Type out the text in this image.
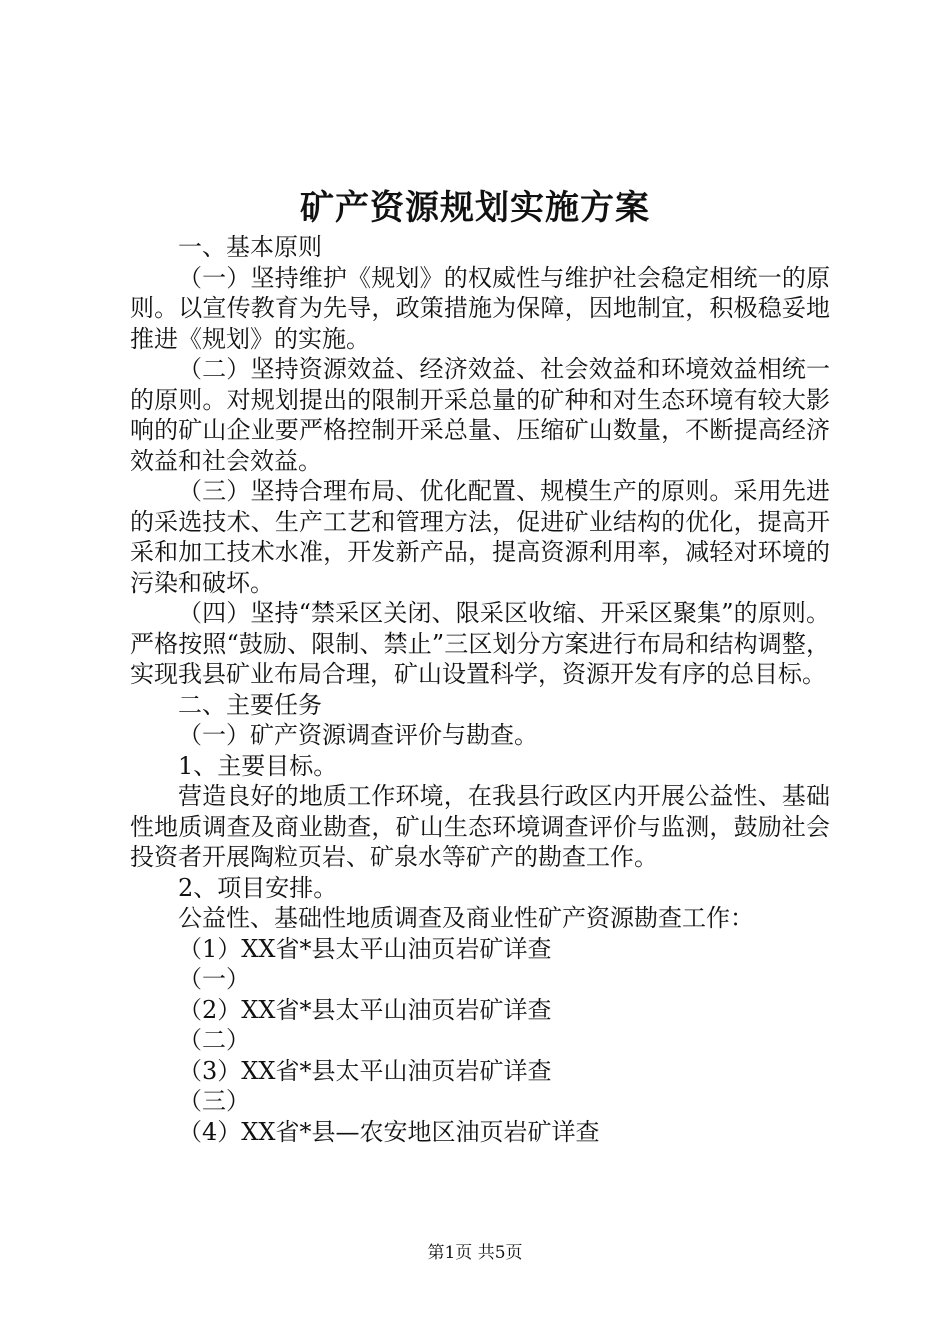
矿产资源规划实施方案

一、基本原则

（一）坚持维护《规划》的权威性与维护社会稳定相统一的原则。以宣传教育为先导，政策措施为保障，因地制宜，积极稳妥地推进《规划》的实施。

（二）坚持资源效益、经济效益、社会效益和环境效益相统一的原则。对规划提出的限制开采总量的矿种和对生态环境有较大影响的矿山企业要严格控制开采总量、压缩矿山数量，不断提高经济效益和社会效益。

（三）坚持合理布局、优化配置、规模生产的原则。采用先进的采选技术、生产工艺和管理方法，促进矿业结构的优化，提高开采和加工技术水准，开发新产品，提高资源利用率，减轻对环境的污染和破坏。

（四）坚持“禁采区关闭、限采区收缩、开采区聚集”的原则。严格按照“鼓励、限制、禁止”三区划分方案进行布局和结构调整，实现我县矿业布局合理，矿山设置科学，资源开发有序的总目标。

二、主要任务

（一）矿产资源调查评价与勘查。

1、主要目标。

营造良好的地质工作环境，在我县行政区内开展公益性、基础性地质调查及商业勘查，矿山生态环境调查评价与监测，鼓励社会投资者开展陶粒页岩、矿泉水等矿产的勘查工作。

2、项目安排。

公益性、基础性地质调查及商业性矿产资源勘查工作：

（1）XX省*县太平山油页岩矿详查

（一）

（2）XX省*县太平山油页岩矿详查

（二）

（3）XX省*县太平山油页岩矿详查

（三）

（4）XX省*县—农安地区油页岩矿详查

第1页 共5页
